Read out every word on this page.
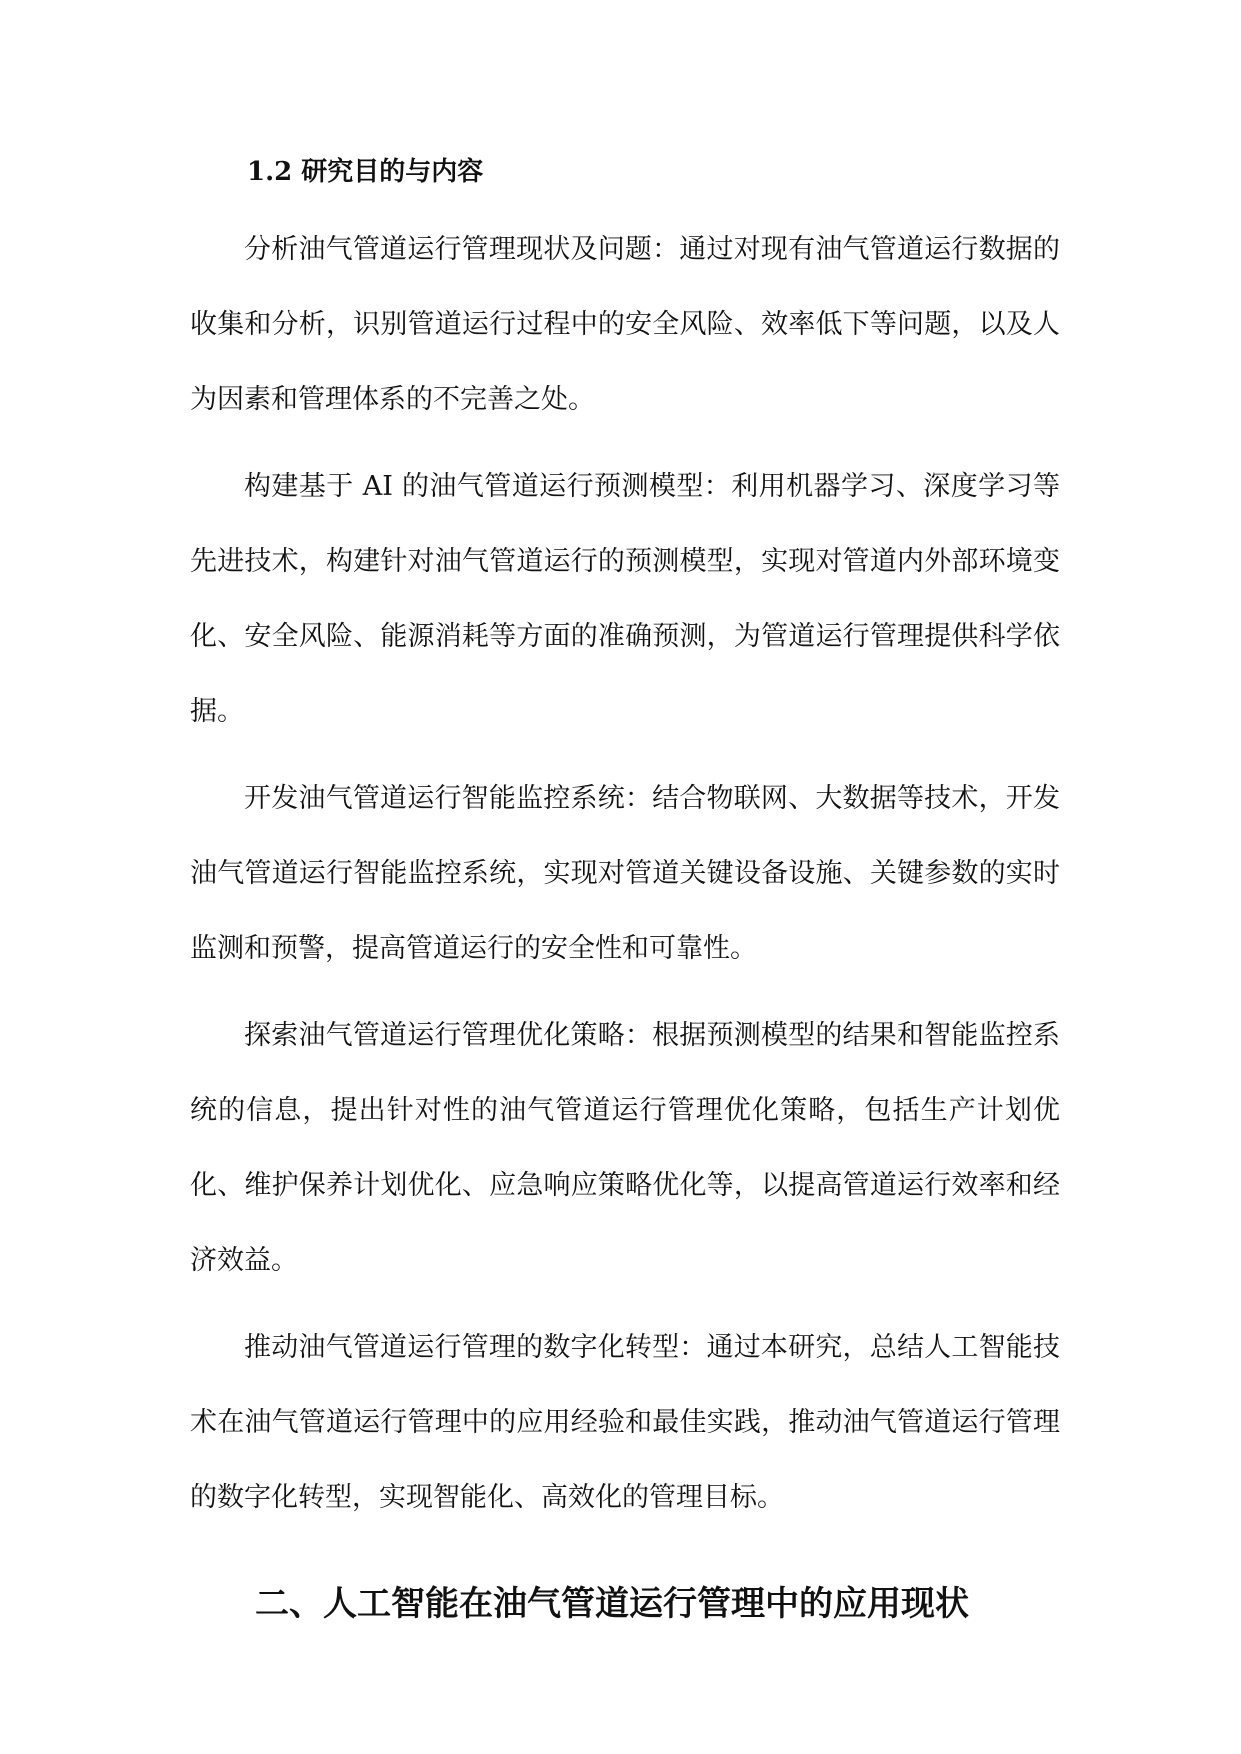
1.2 研究目的与内容

分析油气管道运行管理现状及问题：通过对现有油气管道运行数据的收集和分析，识别管道运行过程中的安全风险、效率低下等问题，以及人为因素和管理体系的不完善之处。

构建基于 AI 的油气管道运行预测模型：利用机器学习、深度学习等先进技术，构建针对油气管道运行的预测模型，实现对管道内外部环境变化、安全风险、能源消耗等方面的准确预测，为管道运行管理提供科学依据。

开发油气管道运行智能监控系统：结合物联网、大数据等技术，开发油气管道运行智能监控系统，实现对管道关键设备设施、关键参数的实时监测和预警，提高管道运行的安全性和可靠性。

探索油气管道运行管理优化策略：根据预测模型的结果和智能监控系统的信息，提出针对性的油气管道运行管理优化策略，包括生产计划优化、维护保养计划优化、应急响应策略优化等，以提高管道运行效率和经济效益。

推动油气管道运行管理的数字化转型：通过本研究，总结人工智能技术在油气管道运行管理中的应用经验和最佳实践，推动油气管道运行管理的数字化转型，实现智能化、高效化的管理目标。

二、人工智能在油气管道运行管理中的应用现状
